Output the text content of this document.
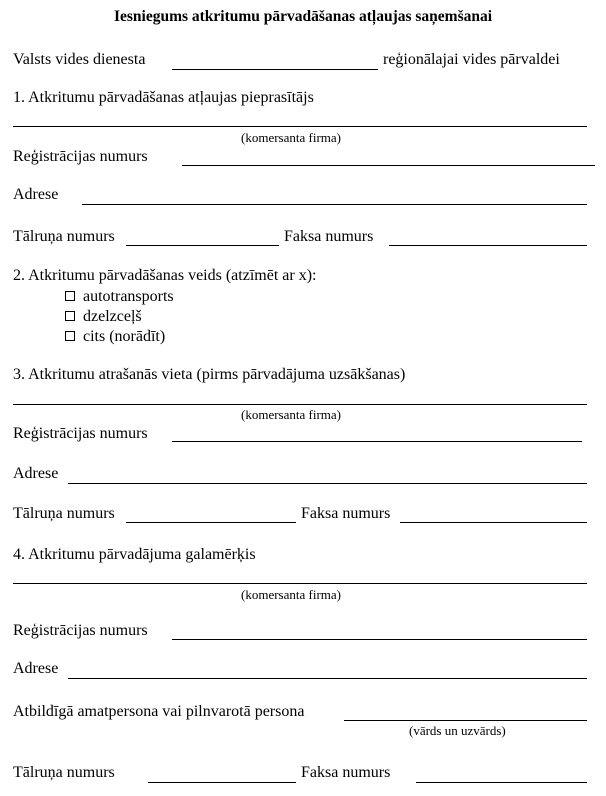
Iesniegums atkritumu pārvadāšanas atļaujas saņemšanai
Valsts vides dienesta	reģionālajai vides pārvaldei
1. Atkritumu pārvadāšanas atļaujas pieprasītājs
(komersanta firma)
Reģistrācijas numurs
Adrese
Tālruņa numurs	Faksa numurs
2. Atkritumu pārvadāšanas veids (atzīmēt ar x):
autotransports
dzelzceļš
cits (norādīt)
3. Atkritumu atrašanās vieta (pirms pārvadājuma uzsākšanas)
(komersanta firma)
Reģistrācijas numurs
Adrese
Tālruņa numurs	Faksa numurs
4. Atkritumu pārvadājuma galamērķis
(komersanta firma)
Reģistrācijas numurs
Adrese
Atbildīgā amatpersona vai pilnvarotā persona
(vārds un uzvārds)
Tālruņa numurs	Faksa numurs
